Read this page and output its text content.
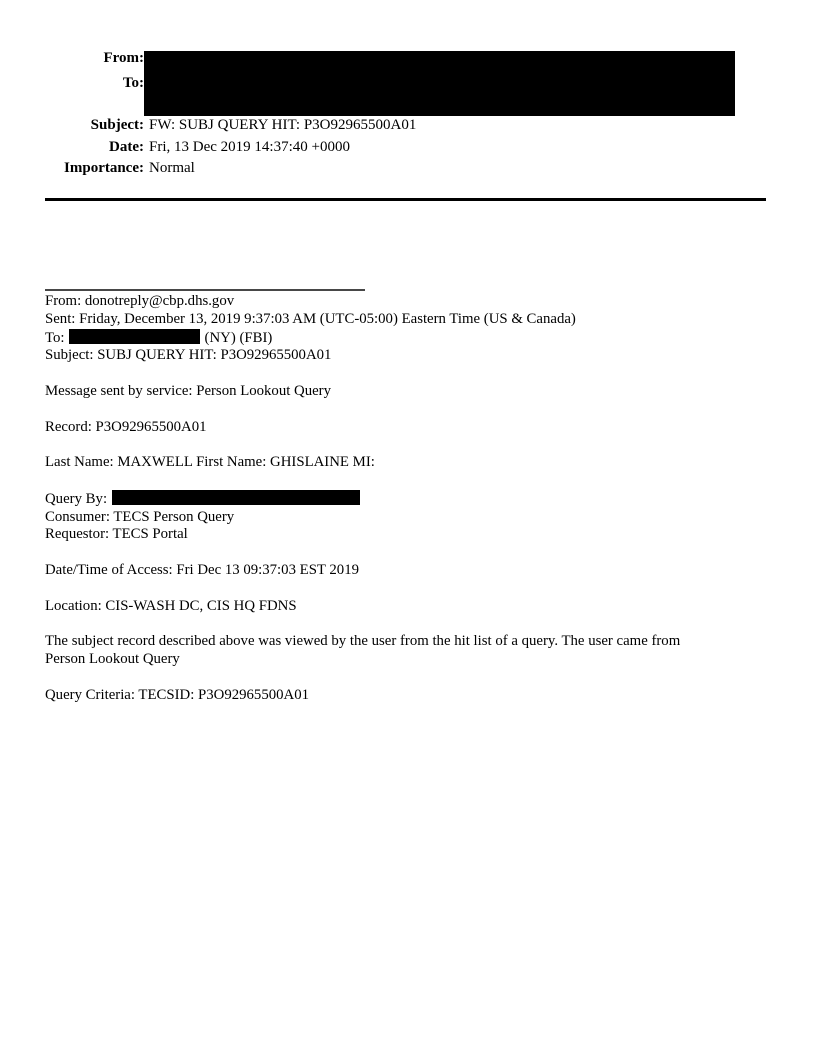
From:
To:
Subject: FW: SUBJ QUERY HIT: P3O92965500A01
Date: Fri, 13 Dec 2019 14:37:40 +0000
Importance: Normal
From: donotreply@cbp.dhs.gov
Sent: Friday, December 13, 2019 9:37:03 AM (UTC-05:00) Eastern Time (US & Canada)
To:	(NY) (FBI)
Subject: SUBJ QUERY HIT: P3O92965500A01
Message sent by service: Person Lookout Query
Record: P3O92965500A01
Last Name: MAXWELL First Name: GHISLAINE MI:
Query By:
Consumer: TECS Person Query
Requestor: TECS Portal
Date/Time of Access: Fri Dec 13 09:37:03 EST 2019
Location: CIS-WASH DC, CIS HQ FDNS
The subject record described above was viewed by the user from the hit list of a query. The user came from
Person Lookout Query
Query Criteria: TECSID: P3O92965500A01
